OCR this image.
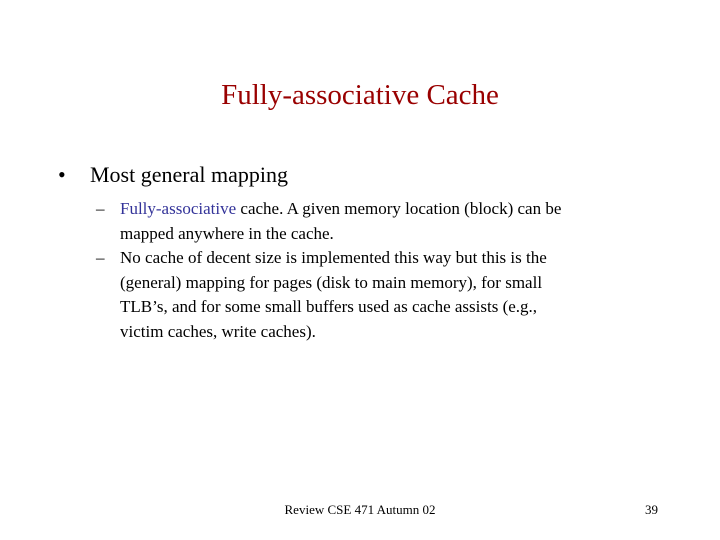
Fully-associative Cache
• Most general mapping
– Fully-associative cache. A given memory location (block) can be
mapped anywhere in the cache.
– No cache of decent size is implemented this way but this is the
(general) mapping for pages (disk to main memory), for small
TLB’s, and for some small buffers used as cache assists (e.g.,
victim caches, write caches).
Review CSE 471 Autumn 02	39
